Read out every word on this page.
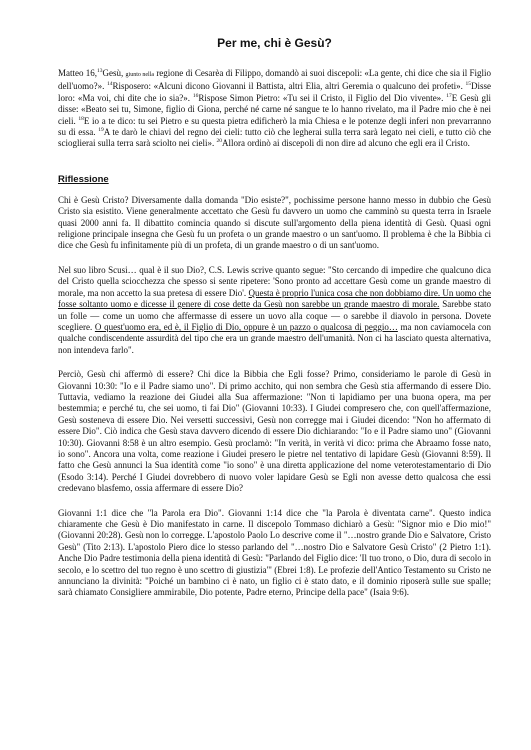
Per me, chi è Gesù?

Matteo 16,13Gesù, giunto nella regione di Cesarèa di Filippo, domandò ai suoi discepoli: «La gente, chi dice che sia il Figlio dell'uomo?». $^{14}$Risposero: «Alcuni dicono Giovanni il Battista, altri Elia, altri Geremia o qualcuno dei profeti». $^{15}$Disse loro: «Ma voi, chi dite che io sia?». $^{16}$Rispose Simon Pietro: «Tu sei il Cristo, il Figlio del Dio vivente». $^{17}$E Gesù gli disse: «Beato sei tu, Simone, figlio di Giona, perché né carne né sangue te lo hanno rivelato, ma il Padre mio che è nei cieli. $^{18}$E io a te dico: tu sei Pietro e su questa pietra edificherò la mia Chiesa e le potenze degli inferi non prevarranno su di essa. $^{19}$A te darò le chiavi del regno dei cieli: tutto ciò che legherai sulla terra sarà legato nei cieli, e tutto ciò che scioglierai sulla terra sarà sciolto nei cieli». $^{20}$Allora ordinò ai discepoli di non dire ad alcuno che egli era il Cristo.

Riflessione

Chi è Gesù Cristo? Diversamente dalla domanda "Dio esiste?", pochissime persone hanno messo in dubbio che Gesù Cristo sia esistito. Viene generalmente accettato che Gesù fu davvero un uomo che camminò su questa terra in Israele quasi 2000 anni fa. Il dibattito comincia quando si discute sull'argomento della piena identità di Gesù. Quasi ogni religione principale insegna che Gesù fu un profeta o un grande maestro o un sant'uomo. Il problema è che la Bibbia ci dice che Gesù fu infinitamente più di un profeta, di un grande maestro o di un sant'uomo.

Nel suo libro Scusi… qual è il suo Dio?, C.S. Lewis scrive quanto segue: "Sto cercando di impedire che qualcuno dica del Cristo quella sciocchezza che spesso si sente ripetere: 'Sono pronto ad accettare Gesù come un grande maestro di morale, ma non accetto la sua pretesa di essere Dio'. Questa è proprio l'unica cosa che non dobbiamo dire. Un uomo che fosse soltanto uomo e dicesse il genere di cose dette da Gesù non sarebbe un grande maestro di morale. Sarebbe stato un folle — come un uomo che affermasse di essere un uovo alla coque — o sarebbe il diavolo in persona. Dovete scegliere. O quest'uomo era, ed è, il Figlio di Dio, oppure è un pazzo o qualcosa di peggio… ma non caviamocela con qualche condiscendente assurdità del tipo che era un grande maestro dell'umanità. Non ci ha lasciato questa alternativa, non intendeva farlo".

Perciò, Gesù chi affermò di essere? Chi dice la Bibbia che Egli fosse? Primo, consideriamo le parole di Gesù in Giovanni 10:30: "Io e il Padre siamo uno". Di primo acchito, qui non sembra che Gesù stia affermando di essere Dio. Tuttavia, vediamo la reazione dei Giudei alla Sua affermazione: "Non ti lapidiamo per una buona opera, ma per bestemmia; e perché tu, che sei uomo, ti fai Dio" (Giovanni 10:33). I Giudei compresero che, con quell'affermazione, Gesù sosteneva di essere Dio. Nei versetti successivi, Gesù non corregge mai i Giudei dicendo: "Non ho affermato di essere Dio". Ciò indica che Gesù stava davvero dicendo di essere Dio dichiarando: "Io e il Padre siamo uno" (Giovanni 10:30). Giovanni 8:58 è un altro esempio. Gesù proclamò: "In verità, in verità vi dico: prima che Abraamo fosse nato, io sono". Ancora una volta, come reazione i Giudei presero le pietre nel tentativo di lapidare Gesù (Giovanni 8:59). Il fatto che Gesù annunci la Sua identità come "io sono" è una diretta applicazione del nome veterotestamentario di Dio (Esodo 3:14). Perché I Giudei dovrebbero di nuovo voler lapidare Gesù se Egli non avesse detto qualcosa che essi credevano blasfemo, ossia affermare di essere Dio?

Giovanni 1:1 dice che "la Parola era Dio". Giovanni 1:14 dice che "la Parola è diventata carne". Questo indica chiaramente che Gesù è Dio manifestato in carne. Il discepolo Tommaso dichiarò a Gesù: "Signor mio e Dio mio!" (Giovanni 20:28). Gesù non lo corregge. L'apostolo Paolo Lo descrive come il "…nostro grande Dio e Salvatore, Cristo Gesù" (Tito 2:13). L'apostolo Piero dice lo stesso parlando del "…nostro Dio e Salvatore Gesù Cristo" (2 Pietro 1:1). Anche Dio Padre testimonia della piena identità di Gesù: "Parlando del Figlio dice: 'Il tuo trono, o Dio, dura di secolo in secolo, e lo scettro del tuo regno è uno scettro di giustizia'" (Ebrei 1:8). Le profezie dell'Antico Testamento su Cristo ne annunciano la divinità: "Poiché un bambino ci è nato, un figlio ci è stato dato, e il dominio riposerà sulle sue spalle; sarà chiamato Consigliere ammirabile, Dio potente, Padre eterno, Principe della pace" (Isaia 9:6).
